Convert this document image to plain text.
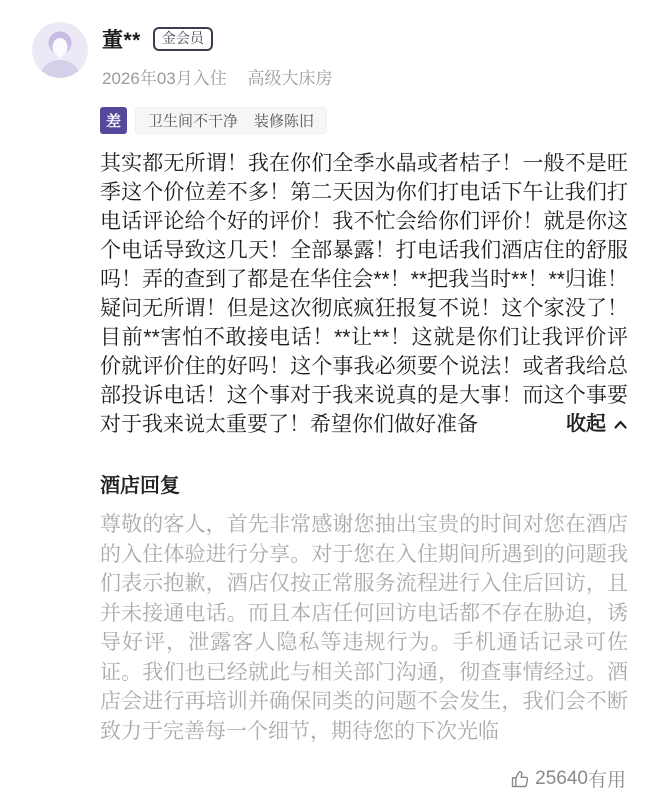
董**	金会员
2026年03月入住 高级大床房
差	卫生间不干净 装修陈旧
其实都无所谓！我在你们全季水晶或者桔子！一般不是旺季这个价位差不多！第二天因为你们打电话下午让我们打电话评论给个好的评价！我不忙会给你们评价！就是你这个电话导致这几天！全部暴露！打电话我们酒店住的舒服吗！弄的查到了都是在华住会**！**把我当时**！**归谁！疑问无所谓！但是这次彻底疯狂报复不说！这个家没了！目前**害怕不敢接电话！**让**！这就是你们让我评价评价就评价住的好吗！这个事我必须要个说法！或者我给总部投诉电话！这个事对于我来说真的是大事！而这个事要对于我来说太重要了！希望你们做好准备	收起
酒店回复
尊敬的客人，首先非常感谢您抽出宝贵的时间对您在酒店的入住体验进行分享。对于您在入住期间所遇到的问题我们表示抱歉，酒店仅按正常服务流程进行入住后回访，且并未接通电话。而且本店任何回访电话都不存在胁迫，诱导好评，泄露客人隐私等违规行为。手机通话记录可佐证。我们也已经就此与相关部门沟通，彻查事情经过。酒店会进行再培训并确保同类的问题不会发生，我们会不断致力于完善每一个细节，期待您的下次光临
25640 有用
